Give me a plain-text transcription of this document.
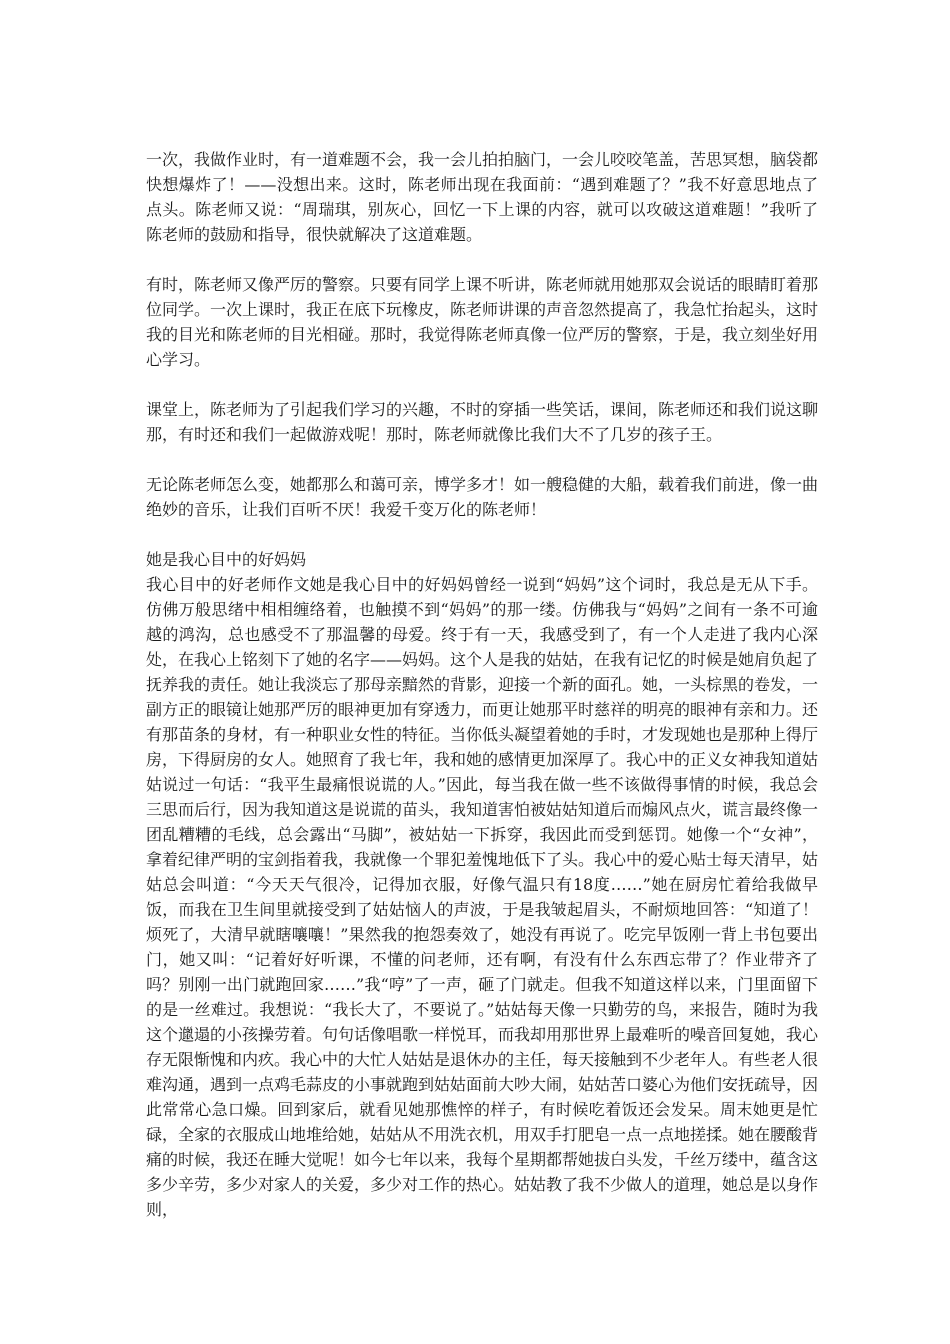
一次，我做作业时，有一道难题不会，我一会儿拍拍脑门，一会儿咬咬笔盖，苦思冥想，脑袋都快想爆炸了！——没想出来。这时，陈老师出现在我面前：“遇到难题了？”我不好意思地点了点头。陈老师又说：“周瑞琪，别灰心，回忆一下上课的内容，就可以攻破这道难题！”我听了陈老师的鼓励和指导，很快就解决了这道难题。

有时，陈老师又像严厉的警察。只要有同学上课不听讲，陈老师就用她那双会说话的眼睛盯着那位同学。一次上课时，我正在底下玩橡皮，陈老师讲课的声音忽然提高了，我急忙抬起头，这时我的目光和陈老师的目光相碰。那时，我觉得陈老师真像一位严厉的警察，于是，我立刻坐好用心学习。

课堂上，陈老师为了引起我们学习的兴趣，不时的穿插一些笑话，课间，陈老师还和我们说这聊那，有时还和我们一起做游戏呢！那时，陈老师就像比我们大不了几岁的孩子王。

无论陈老师怎么变，她都那么和蔼可亲，博学多才！如一艘稳健的大船，载着我们前进，像一曲绝妙的音乐，让我们百听不厌！我爱千变万化的陈老师！

她是我心目中的好妈妈

我心目中的好老师作文她是我心目中的好妈妈曾经一说到“妈妈”这个词时，我总是无从下手。仿佛万般思绪中相相缠络着，也触摸不到“妈妈”的那一缕。仿佛我与“妈妈”之间有一条不可逾越的鸿沟，总也感受不了那温馨的母爱。终于有一天，我感受到了，有一个人走进了我内心深处，在我心上铭刻下了她的名字——妈妈。这个人是我的姑姑，在我有记忆的时候是她肩负起了抚养我的责任。她让我淡忘了那母亲黯然的背影，迎接一个新的面孔。她，一头棕黑的卷发，一副方正的眼镜让她那严厉的眼神更加有穿透力，而更让她那平时慈祥的明亮的眼神有亲和力。还有那苗条的身材，有一种职业女性的特征。当你低头凝望着她的手时，才发现她也是那种上得厅房，下得厨房的女人。她照育了我七年，我和她的感情更加深厚了。我心中的正义女神我知道姑姑说过一句话：“我平生最痛恨说谎的人。”因此，每当我在做一些不该做得事情的时候，我总会三思而后行，因为我知道这是说谎的苗头，我知道害怕被姑姑知道后而煽风点火，谎言最终像一团乱糟糟的毛线，总会露出“马脚”，被姑姑一下拆穿，我因此而受到惩罚。她像一个“女神”，拿着纪律严明的宝剑指着我，我就像一个罪犯羞愧地低下了头。我心中的爱心贴士每天清早，姑姑总会叫道：“今天天气很冷，记得加衣服，好像气温只有18度……”她在厨房忙着给我做早饭，而我在卫生间里就接受到了姑姑恼人的声波，于是我皱起眉头，不耐烦地回答：“知道了！烦死了，大清早就瞎嚷嚷！”果然我的抱怨奏效了，她没有再说了。吃完早饭刚一背上书包要出门，她又叫：“记着好好听课，不懂的问老师，还有啊，有没有什么东西忘带了？作业带齐了吗？别刚一出门就跑回家……”我“哼”了一声，砸了门就走。但我不知道这样以来，门里面留下的是一丝难过。我想说：“我长大了，不要说了。”姑姑每天像一只勤劳的鸟，来报告，随时为我这个邋遢的小孩操劳着。句句话像唱歌一样悦耳，而我却用那世界上最难听的噪音回复她，我心存无限惭愧和内疚。我心中的大忙人姑姑是退休办的主任，每天接触到不少老年人。有些老人很难沟通，遇到一点鸡毛蒜皮的小事就跑到姑姑面前大吵大闹，姑姑苦口婆心为他们安抚疏导，因此常常心急口燥。回到家后，就看见她那憔悴的样子，有时候吃着饭还会发呆。周末她更是忙碌，全家的衣服成山地堆给她，姑姑从不用洗衣机，用双手打肥皂一点一点地搓揉。她在腰酸背痛的时候，我还在睡大觉呢！如今七年以来，我每个星期都帮她拔白头发，千丝万缕中，蕴含这多少辛劳，多少对家人的关爱，多少对工作的热心。姑姑教了我不少做人的道理，她总是以身作则，
